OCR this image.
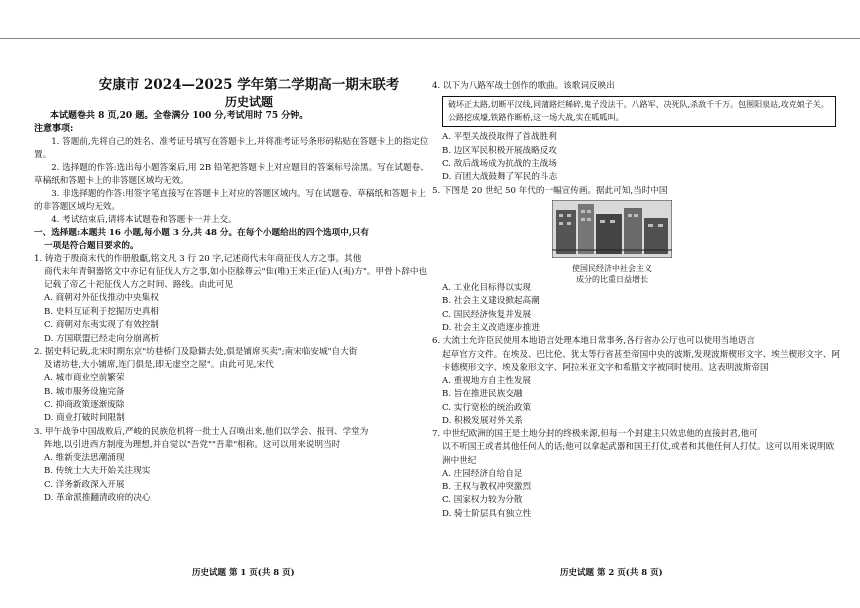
安康市 2024—2025 学年第二学期高一期末联考

历史试题

本试题卷共 8 页,20 题。全卷满分 100 分,考试用时 75 分钟。

注意事项:

1. 答题前,先将自己的姓名、准考证号填写在答题卡上,并将准考证号条形码粘贴在答题卡上的指定位置。

2. 选择题的作答:选出每小题答案后,用 2B 铅笔把答题卡上对应题目的答案标号涂黑。写在试题卷、草稿纸和答题卡上的非答题区域均无效。

3. 非选择题的作答:用签字笔直接写在答题卡上对应的答题区域内。写在试题卷、草稿纸和答题卡上的非答题区域均无效。

4. 考试结束后,请将本试题卷和答题卡一并上交。

一、选择题:本题共 16 小题,每小题 3 分,共 48 分。在每个小题给出的四个选项中,只有

一项是符合题目要求的。

1. 铸造于殷商末代的作册般甗,铭文凡 3 行 20 字,记述商代末年商征伐人方之事。其他

商代末年青铜器铭文中亦记有征伐人方之事,如小臣艅尊云"隹(唯)王来正(征)人(夷)方"。甲骨卜辞中也记载了帝乙十祀征伐人方之时间、路线。由此可见

A. 商朝对外征伐推动中央集权

B. 史料互证利于挖掘历史真相

C. 商朝对东夷实现了有效控制

D. 方国联盟已经走向分崩离析

2. 据史料记载,北宋时期东京"坊巷桥门及隐僻去处,俱是铺席买卖";南宋临安城"自大街

及诸坊巷,大小铺席,连门俱是,即无虚空之屋"。由此可见,宋代

A. 城市商业空前繁荣

B. 城市服务设施完备

C. 抑商政策逐渐废除

D. 商业打破时间限制

3. 甲午战争中国战败后,严峻的民族危机将一批士人召唤出来,他们以学会、报刊、学堂为

阵地,以引进西方制度为理想,并自觉以"吾党""吾辈"相称。这可以用来说明当时

A. 维新变法思潮涌现

B. 传统士大夫开始关注现实

C. 洋务新政深入开展

D. 革命派推翻清政府的决心

4. 以下为八路军战士创作的歌曲。该歌词反映出

破坏正太路,切断平汉线,同蒲路烂稀碎,鬼子没法干。八路军、决死队,杀敌千千万。包围阳泉站,攻克娘子关。公路挖成壕,铁路作断桥,这一场大战,实在呱呱叫。

A. 平型关战役取得了首战胜利

B. 边区军民积极开展战略反攻

C. 敌后战场成为抗战的主战场

D. 百团大战鼓舞了军民的斗志

5. 下图是 20 世纪 50 年代的一幅宣传画。据此可知,当时中国

使国民经济中社会主义
成分的比重日益增长

A. 工业化目标得以实现

B. 社会主义建设掀起高潮

C. 国民经济恢复并发展

D. 社会主义改造逐步推进

6. 大流士允许臣民使用本地语言处理本地日常事务,各行省办公厅也可以使用当地语言

起草官方文件。在埃及、巴比伦、犹太等行省甚至帝国中央的波斯,发现波斯楔形文字、埃兰楔形文字、阿卡德楔形文字、埃及象形文字、阿拉米亚文字和希腊文字被同时使用。这表明波斯帝国

A. 重视地方自主性发展

B. 旨在推进民族交融

C. 实行宽松的统治政策

D. 积极发展对外关系

7. 中世纪欧洲的国王是土地分封的终极来源,但每一个封建主只效忠他的直接封君,他可

以不听国王或者其他任何人的话;他可以拿起武器和国王打仗,或者和其他任何人打仗。这可以用来说明欧洲中世纪

A. 庄园经济自给自足

B. 王权与教权冲突激烈

C. 国家权力较为分散

D. 骑士阶层具有独立性

历史试题 第 1 页(共 8 页)	历史试题 第 2 页(共 8 页)
